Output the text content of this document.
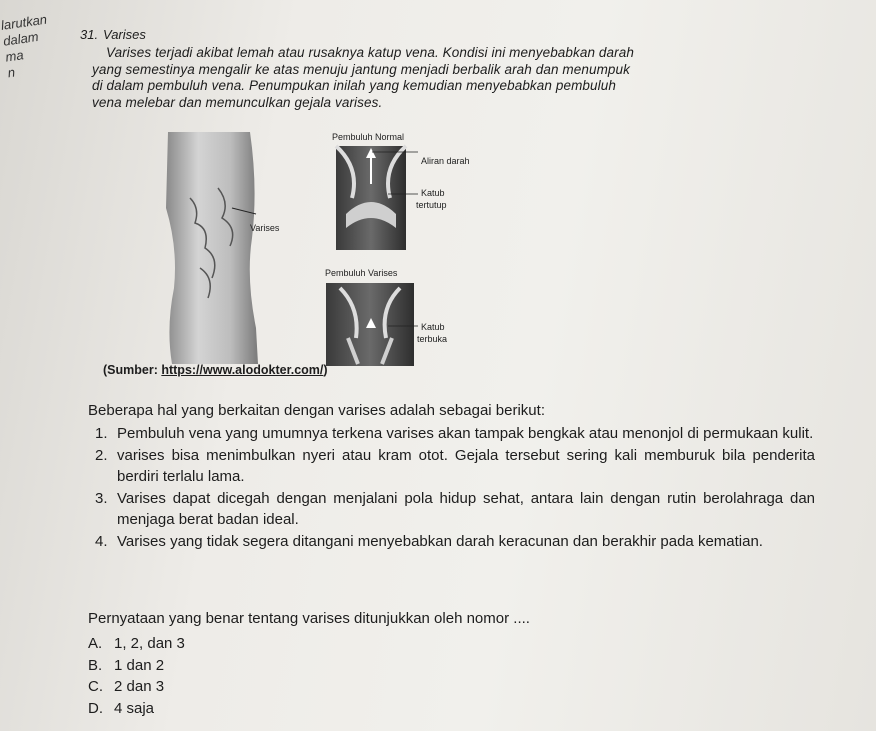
larutkan
dalam
ma
n
31. Varises
Varises terjadi akibat lemah atau rusaknya katup vena. Kondisi ini menyebabkan darah
yang semestinya mengalir ke atas menuju jantung menjadi berbalik arah dan menumpuk
di dalam pembuluh vena. Penumpukan inilah yang kemudian menyebabkan pembuluh
vena melebar dan memunculkan gejala varises.
Varises
Pembuluh Normal
Aliran darah
Katub
tertutup
Pembuluh Varises
Katub
terbuka
(Sumber: https://www.alodokter.com/)
Beberapa hal yang berkaitan dengan varises adalah sebagai berikut:
1. Pembuluh vena yang umumnya terkena varises akan tampak bengkak atau menonjol di permukaan kulit.
2. varises bisa menimbulkan nyeri atau kram otot. Gejala tersebut sering kali memburuk bila penderita berdiri terlalu lama.
3. Varises dapat dicegah dengan menjalani pola hidup sehat, antara lain dengan rutin berolahraga dan menjaga berat badan ideal.
4. Varises yang tidak segera ditangani menyebabkan darah keracunan dan berakhir pada kematian.
Pernyataan yang benar tentang varises ditunjukkan oleh nomor ....
A. 1, 2, dan 3
B. 1 dan 2
C. 2 dan 3
D. 4 saja
